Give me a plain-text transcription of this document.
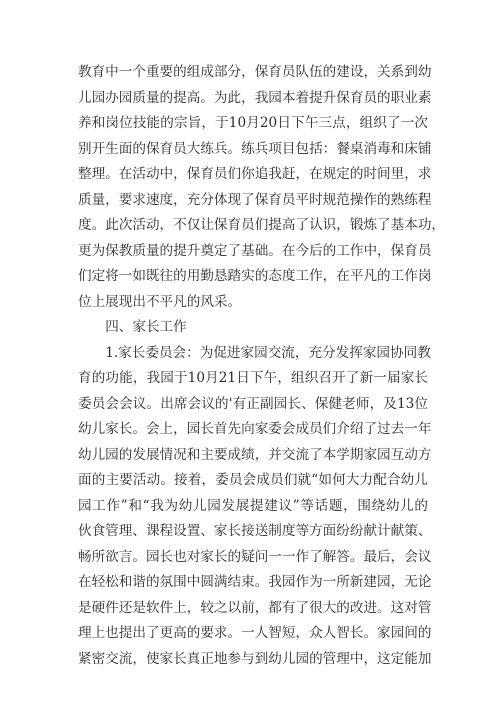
教育中一个重要的组成部分，保育员队伍的建设，关系到幼
儿园办园质量的提高。为此，我园本着提升保育员的职业素
养和岗位技能的宗旨，于10月20日下午三点，组织了一次
别开生面的保育员大练兵。练兵项目包括：餐桌消毒和床铺
整理。在活动中，保育员们你追我赶，在规定的时间里，求
质量，要求速度，充分体现了保育员平时规范操作的熟练程
度。此次活动，不仅让保育员们提高了认识，锻炼了基本功，
更为保教质量的提升奠定了基础。在今后的工作中，保育员
们定将一如既往的用勤恳踏实的态度工作，在平凡的工作岗
位上展现出不平凡的风采。
四、家长工作
1.家长委员会：为促进家园交流，充分发挥家园协同教
育的功能，我园于10月21日下午，组织召开了新一届家长
委员会会议。出席会议的'有正副园长、保健老师，及13位
幼儿家长。会上，园长首先向家委会成员们介绍了过去一年
幼儿园的发展情况和主要成绩，并交流了本学期家园互动方
面的主要活动。接着，委员会成员们就“如何大力配合幼儿
园工作”和“我为幼儿园发展提建议”等话题，围绕幼儿的
伙食管理、课程设置、家长接送制度等方面纷纷献计献策、
畅所欲言。园长也对家长的疑问一一作了解答。最后，会议
在轻松和谐的氛围中圆满结束。我园作为一所新建园，无论
是硬件还是软件上，较之以前，都有了很大的改进。这对管
理上也提出了更高的要求。一人智短，众人智长。家园间的
紧密交流，使家长真正地参与到幼儿园的管理中，这定能加
